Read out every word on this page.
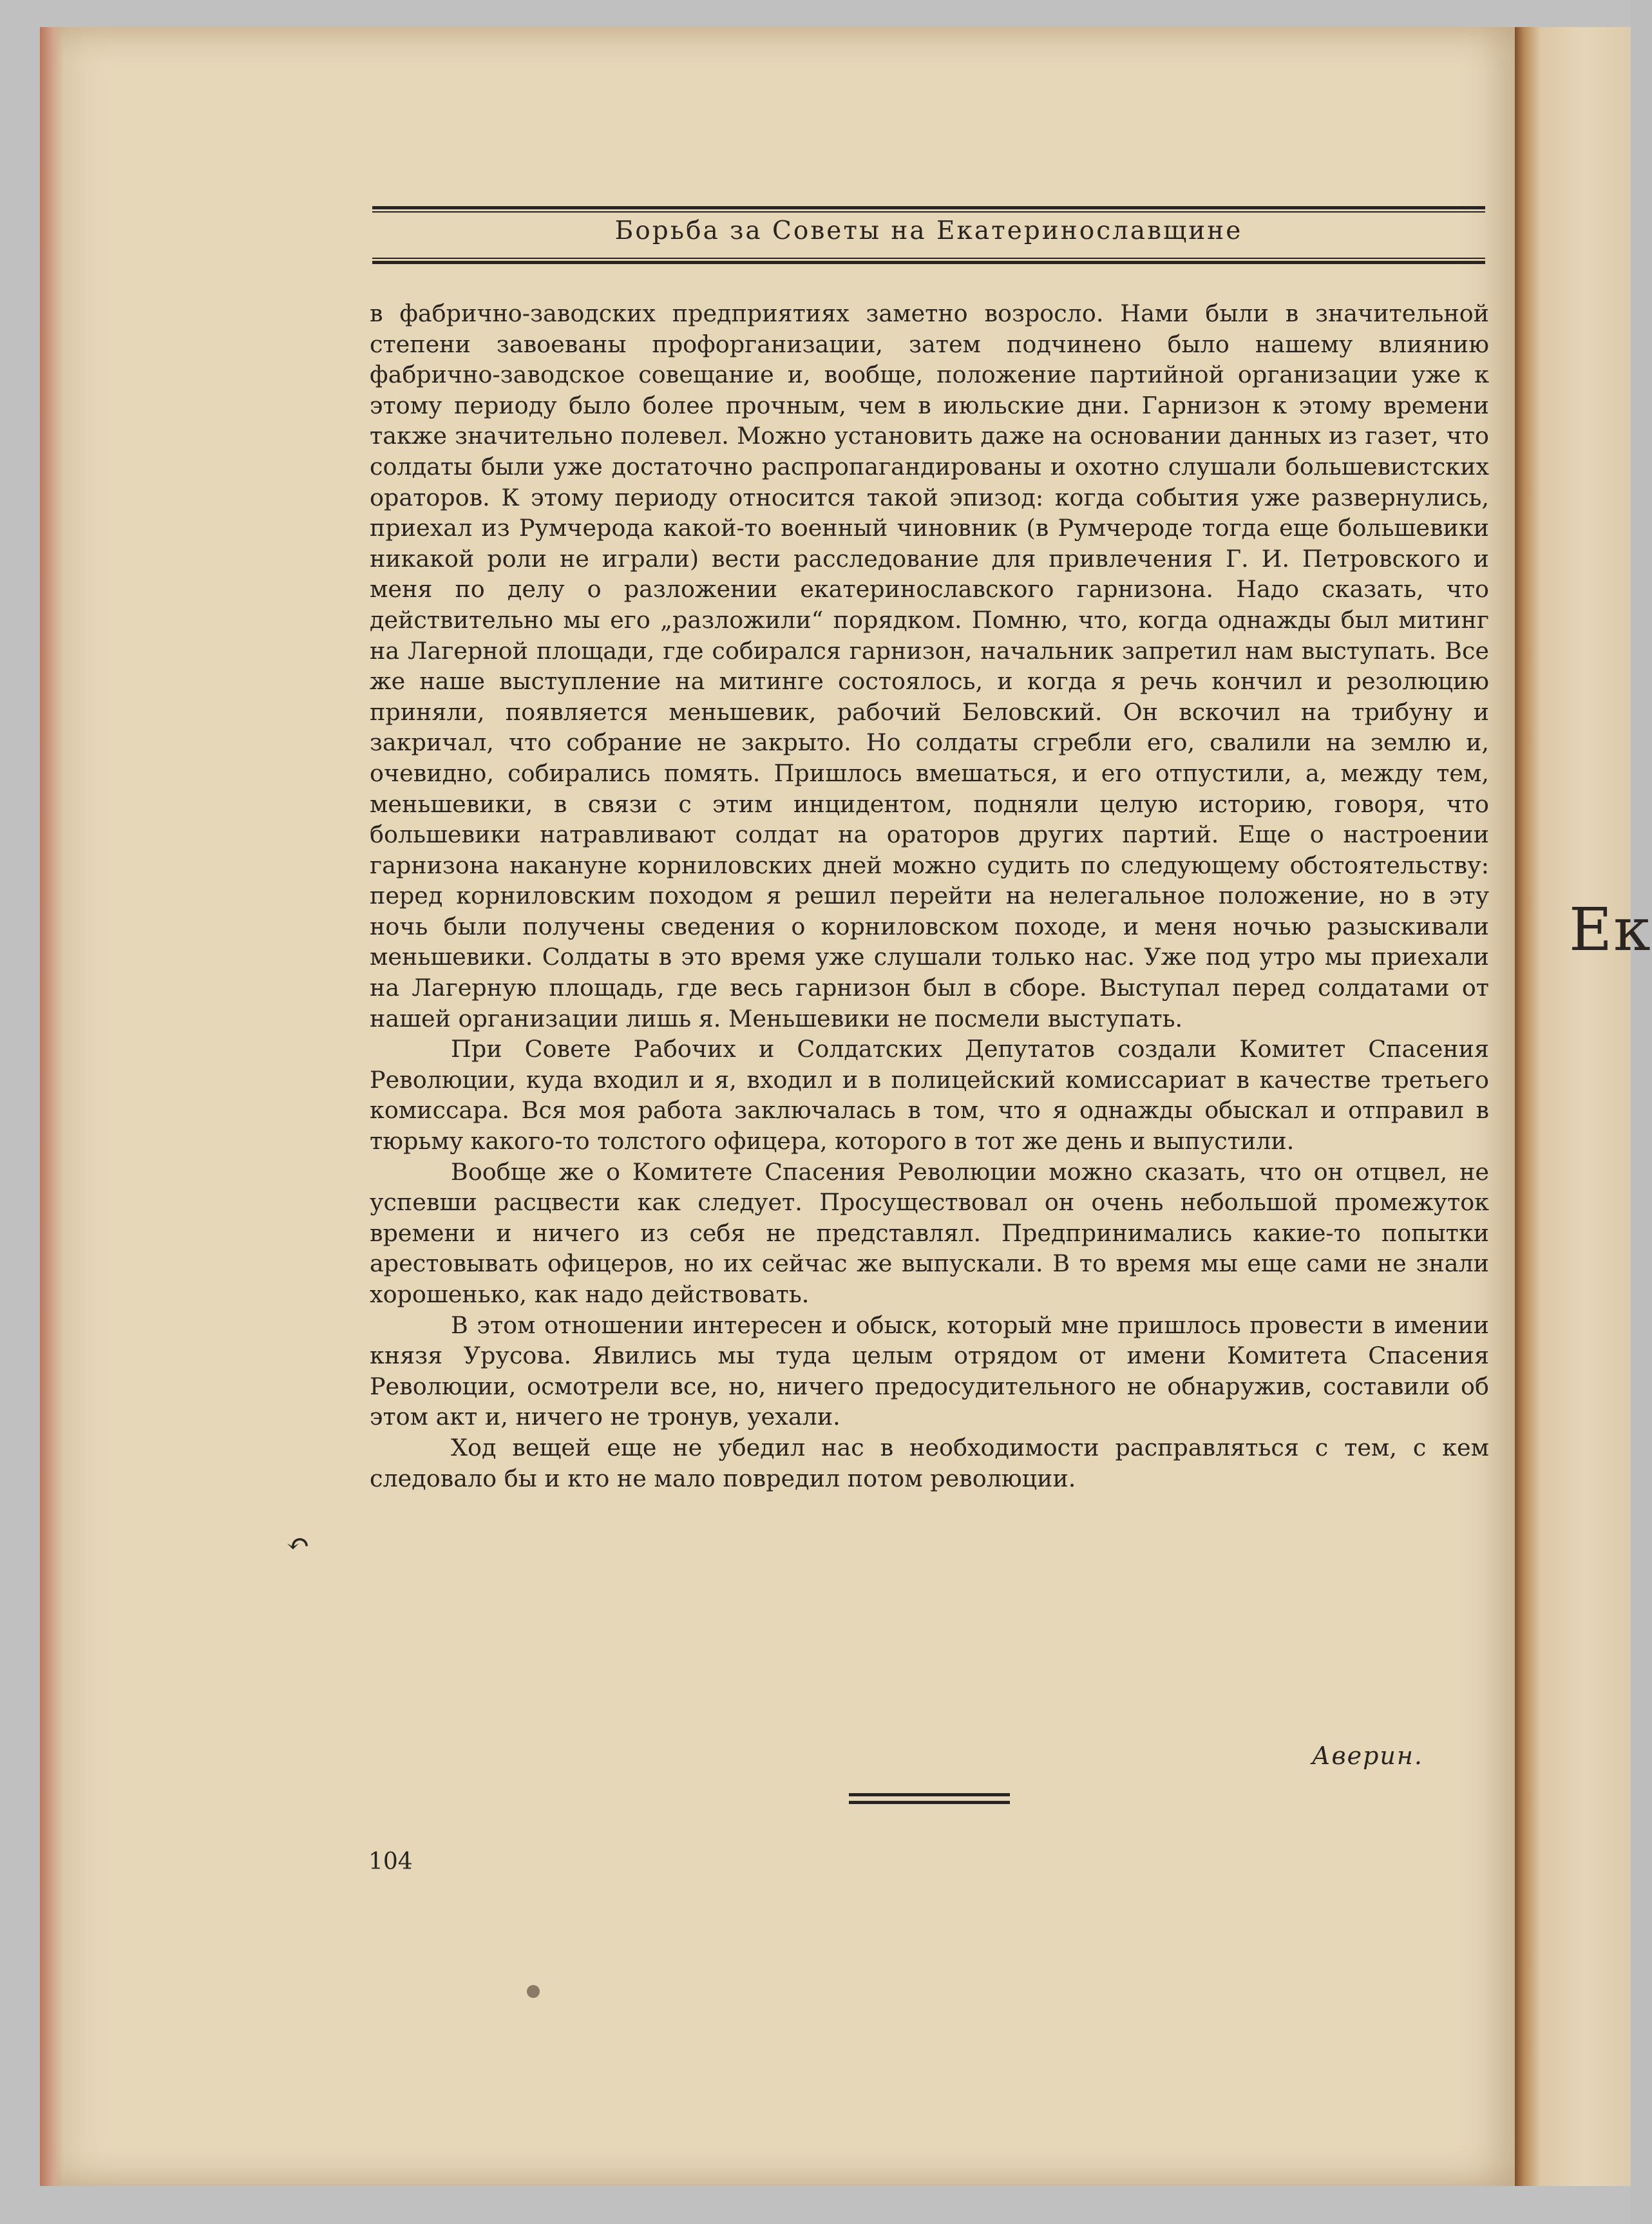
Ек
Борьба за Советы на Екатеринославщине

в фабрично-заводских предприятиях заметно возросло. Нами были в значительной степени завоеваны профорганизации, затем подчинено было нашему влиянию фабрично-заводское совещание и, вообще, положение партийной организации уже к этому периоду было более прочным, чем в июльские дни. Гарнизон к этому времени также значительно полевел. Можно установить даже на основании данных из газет, что солдаты были уже достаточно распропагандированы и охотно слушали большевистских ораторов. К этому периоду относится такой эпизод: когда события уже развернулись, приехал из Румчерода какой-то военный чиновник (в Румчероде тогда еще большевики никакой роли не играли) вести расследование для привлечения Г. И. Петровского и меня по делу о разложении екатеринославского гарнизона. Надо сказать, что действительно мы его „разложили“ порядком. Помню, что, когда однажды был митинг на Лагерной площади, где собирался гарнизон, начальник запретил нам выступать. Все же наше выступление на митинге состоялось, и когда я речь кончил и резолюцию приняли, появляется меньшевик, рабочий Беловский. Он вскочил на трибуну и закричал, что собрание не закрыто. Но солдаты сгребли его, свалили на землю и, очевидно, собирались помять. Пришлось вмешаться, и его отпустили, а, между тем, меньшевики, в связи с этим инцидентом, подняли целую историю, говоря, что большевики натравливают солдат на ораторов других партий. Еще о настроении гарнизона накануне корниловских дней можно судить по следующему обстоятельству: перед корниловским походом я решил перейти на нелегальное положение, но в эту ночь были получены сведения о корниловском походе, и меня ночью разыскивали меньшевики. Солдаты в это время уже слушали только нас. Уже под утро мы приехали на Лагерную площадь, где весь гарнизон был в сборе. Выступал перед солдатами от нашей организации лишь я. Меньшевики не посмели выступать.

При Совете Рабочих и Солдатских Депутатов создали Комитет Спасения Революции, куда входил и я, входил и в полицейский комиссариат в качестве третьего комиссара. Вся моя работа заключалась в том, что я однажды обыскал и отправил в тюрьму какого-то толстого офицера, которого в тот же день и выпустили.

Вообще же о Комитете Спасения Революции можно сказать, что он отцвел, не успевши расцвести как следует. Просуществовал он очень небольшой промежуток времени и ничего из себя не представлял. Предпринимались какие-то попытки арестовывать офицеров, но их сейчас же выпускали. В то время мы еще сами не знали хорошенько, как надо действовать.

В этом отношении интересен и обыск, который мне пришлось провести в имении князя Урусова. Явились мы туда целым отрядом от имени Комитета Спасения Революции, осмотрели все, но, ничего предосудительного не обнаружив, составили об этом акт и, ничего не тронув, уехали.

Ход вещей еще не убедил нас в необходимости расправляться с тем, с кем следовало бы и кто не мало повредил потом революции.

Аверин.
104
↶
